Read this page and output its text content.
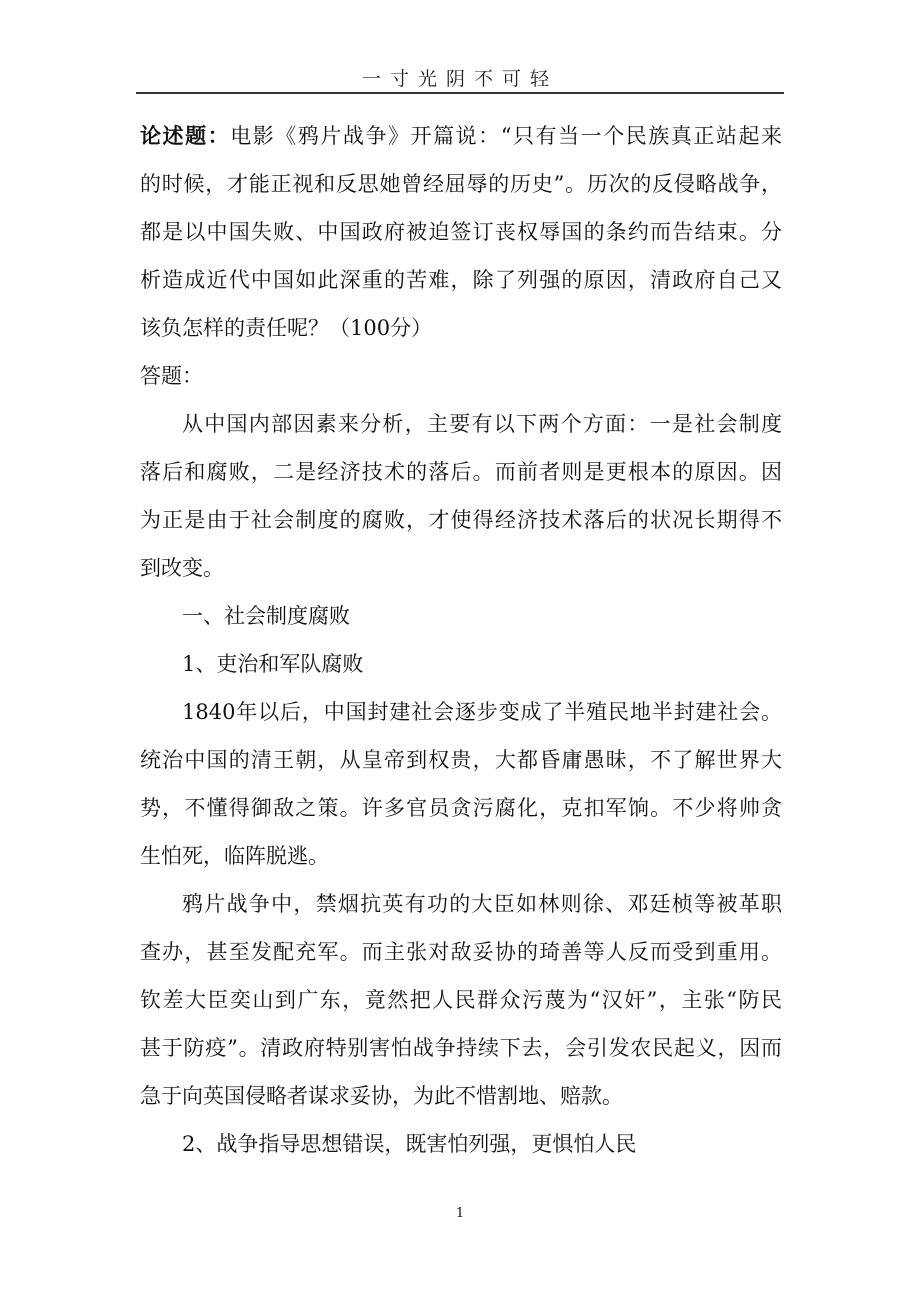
一寸光阴不可轻
论述题：电影《鸦片战争》开篇说：“只有当一个民族真正站起来
的时候，才能正视和反思她曾经屈辱的历史”。历次的反侵略战争，
都是以中国失败、中国政府被迫签订丧权辱国的条约而告结束。分
析造成近代中国如此深重的苦难，除了列强的原因，清政府自己又
该负怎样的责任呢？（100分）
答题：
从中国内部因素来分析，主要有以下两个方面：一是社会制度
落后和腐败，二是经济技术的落后。而前者则是更根本的原因。因
为正是由于社会制度的腐败，才使得经济技术落后的状况长期得不
到改变。
一、社会制度腐败
1、吏治和军队腐败
1840年以后，中国封建社会逐步变成了半殖民地半封建社会。
统治中国的清王朝，从皇帝到权贵，大都昏庸愚昧，不了解世界大
势，不懂得御敌之策。许多官员贪污腐化，克扣军饷。不少将帅贪
生怕死，临阵脱逃。
鸦片战争中，禁烟抗英有功的大臣如林则徐、邓廷桢等被革职
查办，甚至发配充军。而主张对敌妥协的琦善等人反而受到重用。
钦差大臣奕山到广东，竟然把人民群众污蔑为“汉奸”，主张“防民
甚于防疫”。清政府特别害怕战争持续下去，会引发农民起义，因而
急于向英国侵略者谋求妥协，为此不惜割地、赔款。
2、战争指导思想错误，既害怕列强，更惧怕人民
1
